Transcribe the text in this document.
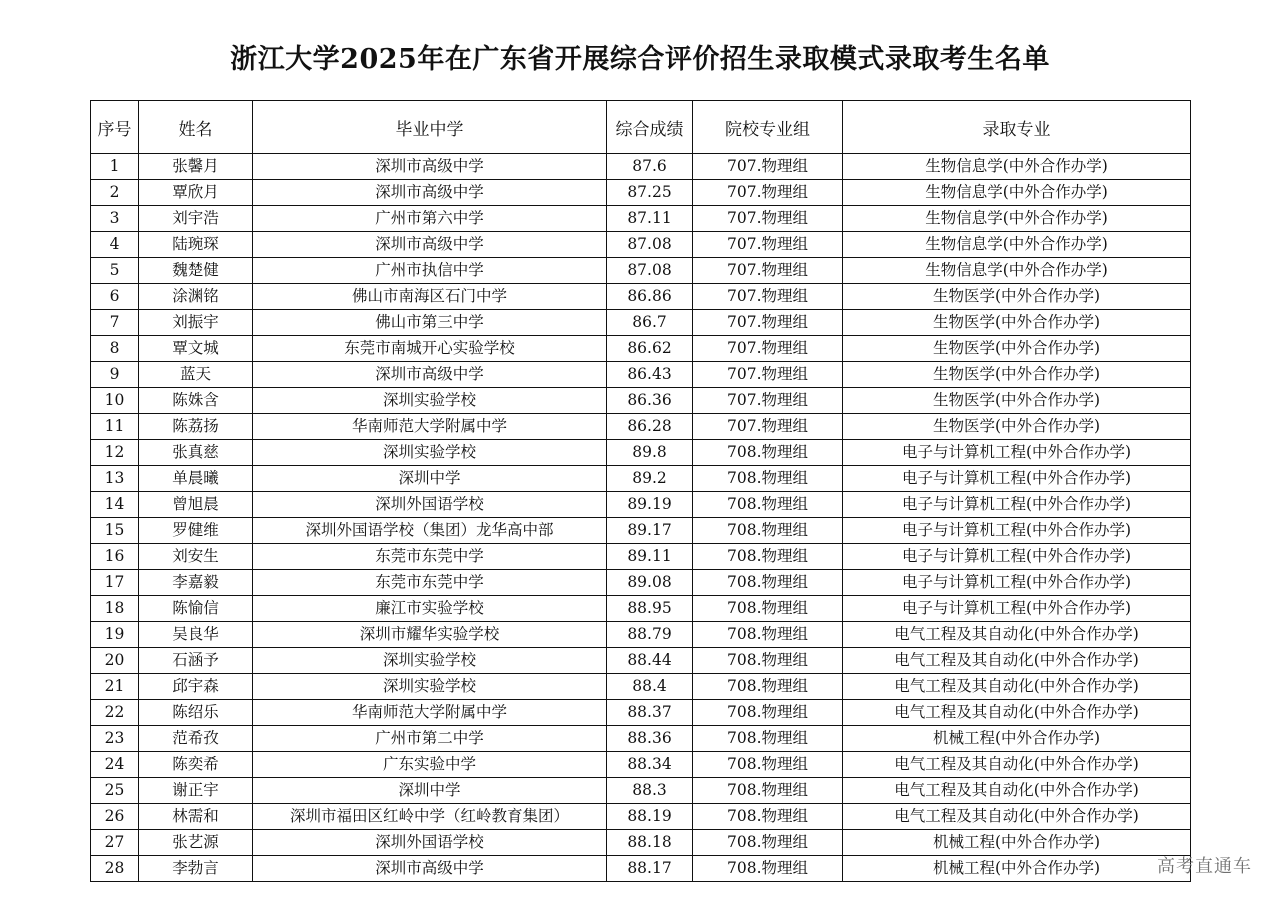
浙江大学2025年在广东省开展综合评价招生录取模式录取考生名单
序号	姓名	毕业中学	综合成绩	院校专业组	录取专业
1	张馨月	深圳市高级中学	87.6	707.物理组	生物信息学(中外合作办学)
2	覃欣月	深圳市高级中学	87.25	707.物理组	生物信息学(中外合作办学)
3	刘宇浩	广州市第六中学	87.11	707.物理组	生物信息学(中外合作办学)
4	陆琬琛	深圳市高级中学	87.08	707.物理组	生物信息学(中外合作办学)
5	魏楚健	广州市执信中学	87.08	707.物理组	生物信息学(中外合作办学)
6	涂渊铭	佛山市南海区石门中学	86.86	707.物理组	生物医学(中外合作办学)
7	刘振宇	佛山市第三中学	86.7	707.物理组	生物医学(中外合作办学)
8	覃文城	东莞市南城开心实验学校	86.62	707.物理组	生物医学(中外合作办学)
9	蓝天	深圳市高级中学	86.43	707.物理组	生物医学(中外合作办学)
10	陈姝含	深圳实验学校	86.36	707.物理组	生物医学(中外合作办学)
11	陈荔扬	华南师范大学附属中学	86.28	707.物理组	生物医学(中外合作办学)
12	张真慈	深圳实验学校	89.8	708.物理组	电子与计算机工程(中外合作办学)
13	单晨曦	深圳中学	89.2	708.物理组	电子与计算机工程(中外合作办学)
14	曾旭晨	深圳外国语学校	89.19	708.物理组	电子与计算机工程(中外合作办学)
15	罗健维	深圳外国语学校（集团）龙华高中部	89.17	708.物理组	电子与计算机工程(中外合作办学)
16	刘安生	东莞市东莞中学	89.11	708.物理组	电子与计算机工程(中外合作办学)
17	李嘉毅	东莞市东莞中学	89.08	708.物理组	电子与计算机工程(中外合作办学)
18	陈愉信	廉江市实验学校	88.95	708.物理组	电子与计算机工程(中外合作办学)
19	吴良华	深圳市耀华实验学校	88.79	708.物理组	电气工程及其自动化(中外合作办学)
20	石涵予	深圳实验学校	88.44	708.物理组	电气工程及其自动化(中外合作办学)
21	邱宇森	深圳实验学校	88.4	708.物理组	电气工程及其自动化(中外合作办学)
22	陈绍乐	华南师范大学附属中学	88.37	708.物理组	电气工程及其自动化(中外合作办学)
23	范希孜	广州市第二中学	88.36	708.物理组	机械工程(中外合作办学)
24	陈奕希	广东实验中学	88.34	708.物理组	电气工程及其自动化(中外合作办学)
25	谢正宇	深圳中学	88.3	708.物理组	电气工程及其自动化(中外合作办学)
26	林需和	深圳市福田区红岭中学（红岭教育集团）	88.19	708.物理组	电气工程及其自动化(中外合作办学)
27	张艺源	深圳外国语学校	88.18	708.物理组	机械工程(中外合作办学)
28	李勃言	深圳市高级中学	88.17	708.物理组	机械工程(中外合作办学)	高考直通车
